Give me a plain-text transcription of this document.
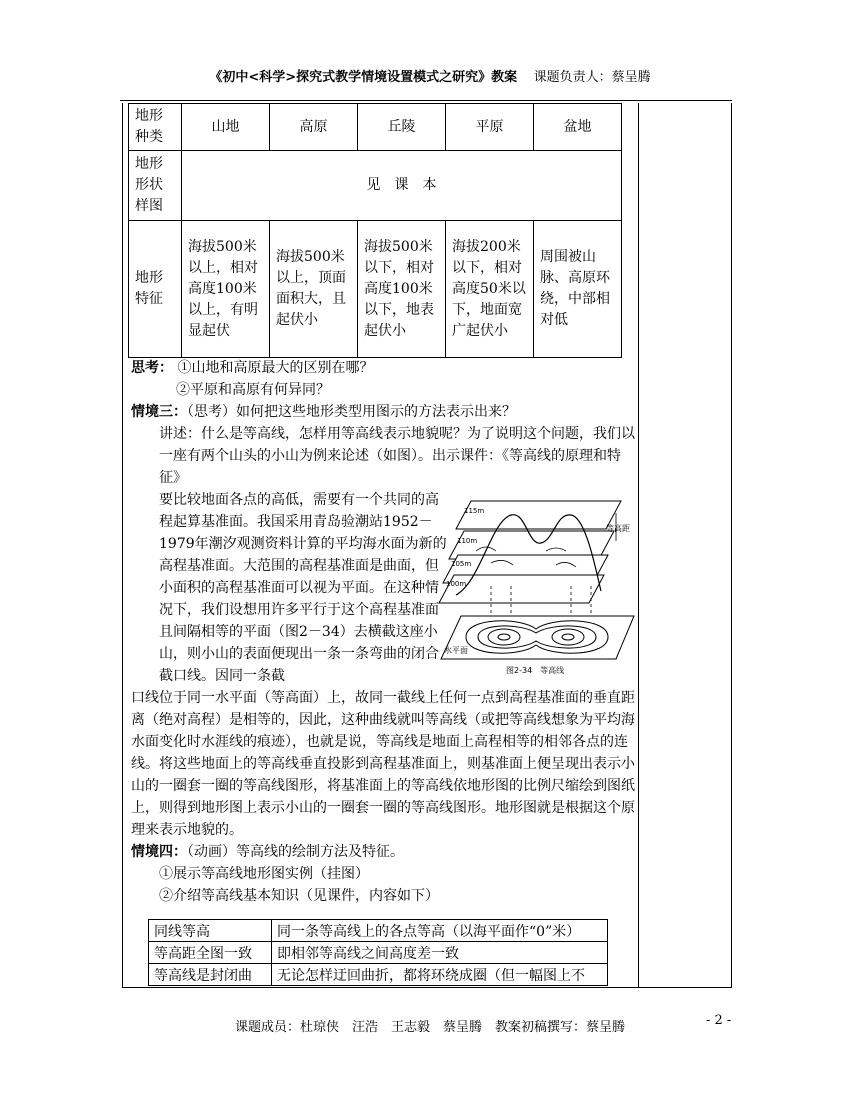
《初中<科学>探究式教学情境设置模式之研究》教案 课题负责人：蔡呈腾
地形种类	山地	高原	丘陵	平原	盆地
地形形状样图	见　课　本				
地形特征	海拔500米以上，相对高度100米以上，有明显起伏	海拔500米以上，顶面面积大，且起伏小	海拔500米以下，相对高度100米以下，地表起伏小	海拔200米以下，相对高度50米以下，地面宽广起伏小	周围被山脉、高原环绕，中部相对低

思考： ①山地和高原最大的区别在哪？

②平原和高原有何异同？

情境三：（思考）如何把这些地形类型用图示的方法表示出来？

讲述：什么是等高线，怎样用等高线表示地貌呢？为了说明这个问题，我们以一座有两个山头的小山为例来论述（如图）。出示课件：《等高线的原理和特征》

要比较地面各点的高低，需要有一个共同的高程起算基准面。我国采用青岛验潮站1952－1979年潮汐观测资料计算的平均海水面为新的高程基准面。大范围的高程基准面是曲面，但小面积的高程基准面可以视为平面。在这种情况下，我们设想用许多平行于这个高程基准面且间隔相等的平面（图2－34）去横截这座小山，则小山的表面便现出一条一条弯曲的闭合截口线。因同一条截

口线位于同一水平面（等高面）上，故同一截线上任何一点到高程基准面的垂直距离（绝对高程）是相等的，因此，这种曲线就叫等高线（或把等高线想象为平均海水面变化时水涯线的痕迹），也就是说，等高线是地面上高程相等的相邻各点的连线。将这些地面上的等高线垂直投影到高程基准面上，则基准面上便呈现出表示小山的一圈套一圈的等高线图形，将基准面上的等高线依地形图的比例尺缩绘到图纸上，则得到地形图上表示小山的一圈套一圈的等高线图形。地形图就是根据这个原理来表示地貌的。

情境四：（动画）等高线的绘制方法及特征。

①展示等高线地形图实例（挂图）

②介绍等高线基本知识（见课件，内容如下）

115m
110m
105m
100m
等高距
水平面
图2-34　等高线
同线等高	同一条等高线上的各点等高（以海平面作“0”米）
等高距全图一致	即相邻等高线之间高度差一致
等高线是封闭曲	无论怎样迂回曲折，都将环绕成圈（但一幅图上不
课题成员：杜琼侠　汪浩　王志毅　蔡呈腾　教案初稿撰写：蔡呈腾	- 2 -
